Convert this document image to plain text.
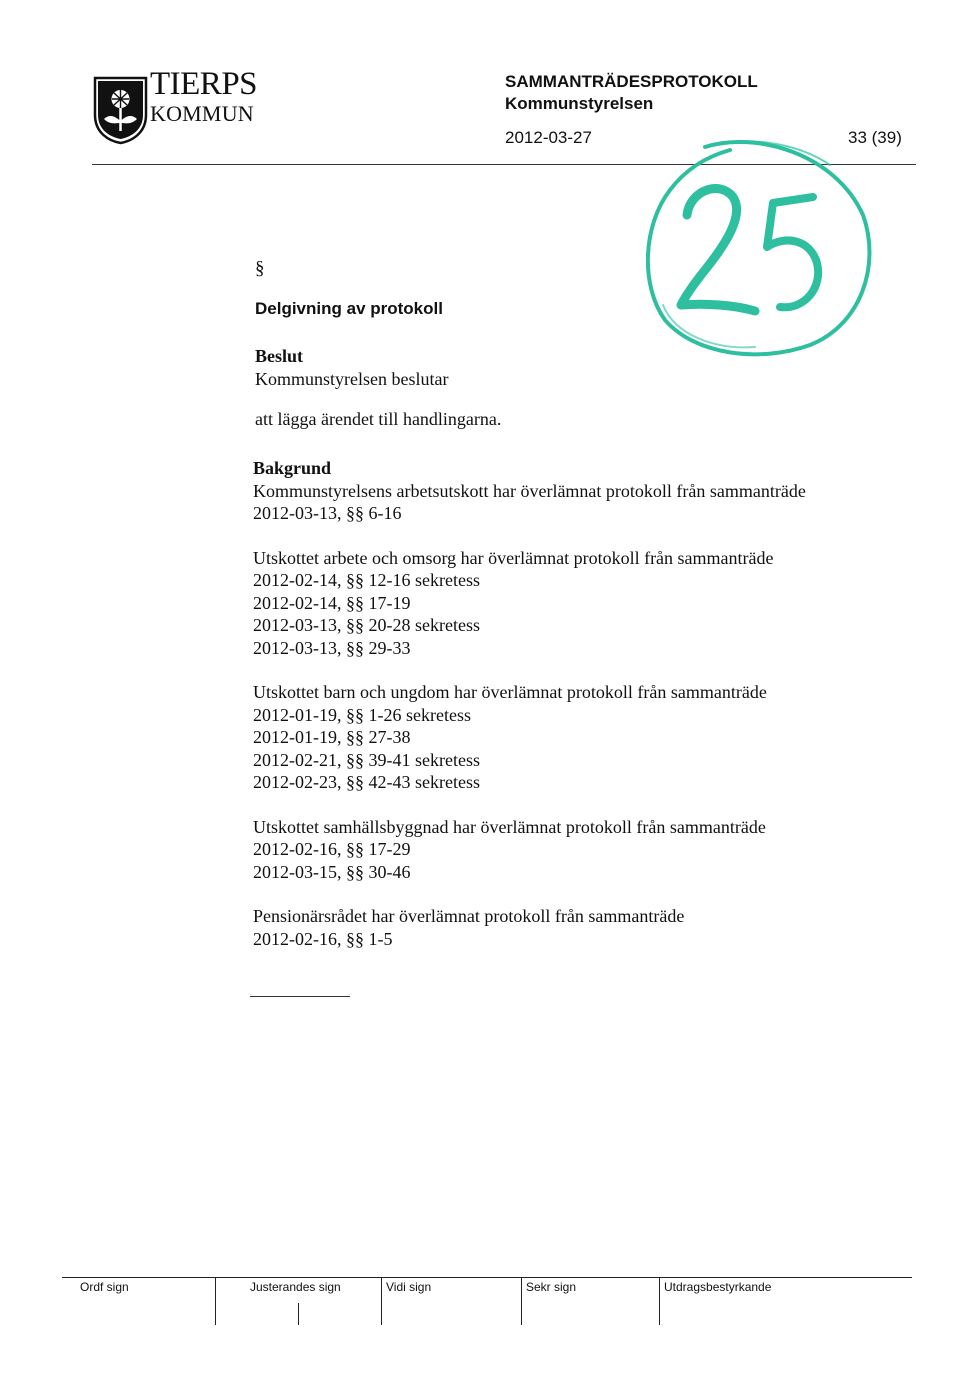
TIERPS
KOMMUN
SAMMANTRÄDESPROTOKOLL
Kommunstyrelsen
2012-03-27	33 (39)
§
Delgivning av protokoll
Beslut
Kommunstyrelsen beslutar
att lägga ärendet till handlingarna.
Bakgrund
Kommunstyrelsens arbetsutskott har överlämnat protokoll från sammanträde
2012-03-13, §§ 6-16
Utskottet arbete och omsorg har överlämnat protokoll från sammanträde
2012-02-14, §§ 12-16 sekretess
2012-02-14, §§ 17-19
2012-03-13, §§ 20-28 sekretess
2012-03-13, §§ 29-33
Utskottet barn och ungdom har överlämnat protokoll från sammanträde
2012-01-19, §§ 1-26 sekretess
2012-01-19, §§ 27-38
2012-02-21, §§ 39-41 sekretess
2012-02-23, §§ 42-43 sekretess
Utskottet samhällsbyggnad har överlämnat protokoll från sammanträde
2012-02-16, §§ 17-29
2012-03-15, §§ 30-46
Pensionärsrådet har överlämnat protokoll från sammanträde
2012-02-16, §§ 1-5
Ordf sign	Justerandes sign	Vidi sign	Sekr sign	Utdragsbestyrkande
